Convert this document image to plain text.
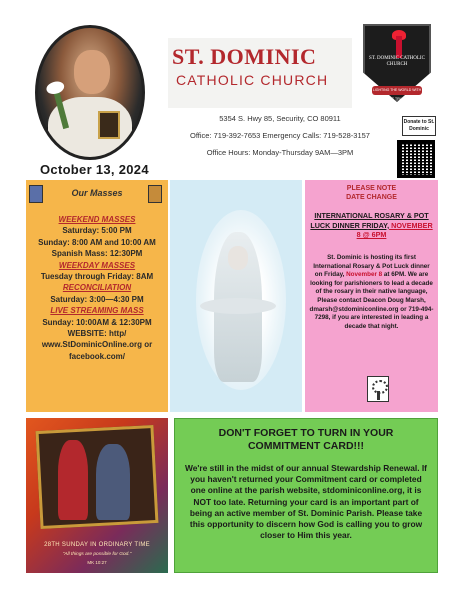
October 13, 2024
ST. DOMINIC
CATHOLIC CHURCH
ST. DOMINIC CATHOLIC CHURCH
LIGHTING THE WORLD WITH THE TRUTH
5354 S. Hwy 85, Security, CO 80911
Office: 719-392-7653 Emergency Calls: 719-528-3157
Office Hours: Monday-Thursday 9AM—3PM
Donate to St. Dominic
Our Masses
WEEKEND MASSES
Saturday: 5:00 PM
Sunday: 8:00 AM and 10:00 AM
Spanish Mass: 12:30PM
WEEKDAY MASSES
Tuesday through Friday: 8AM
RECONCILIATION
Saturday: 3:00—4:30 PM
LIVE STREAMING MASS
Sunday: 10:00AM & 12:30PM
WEBSITE: http/ www.StDominicOnline.org or facebook.com/
PLEASE NOTE
DATE CHANGE
INTERNATIONAL ROSARY & POT LUCK DINNER FRIDAY, NOVEMBER 8 @ 6PM
St. Dominic is hosting its first International Rosary & Pot Luck dinner on Friday, November 8 at 6PM. We are looking for parishioners to lead a decade of the rosary in their native language, Please contact Deacon Doug Marsh, dmarsh@stdominiconline.org or 719-494-7298, if you are interested in leading a decade that night.
28TH SUNDAY IN ORDINARY TIME
"All things are possible for God."
MK 10:27
DON'T FORGET TO TURN IN YOUR COMMITMENT CARD!!!
We're still in the midst of our annual Stewardship Renewal. If you haven't returned your Commitment card or completed one online at the parish website, stdominiconline.org, it is NOT too late. Returning your card is an important part of being an active member of St. Dominic Parish. Please take this opportunity to discern how God is calling you to grow closer to Him this year.
